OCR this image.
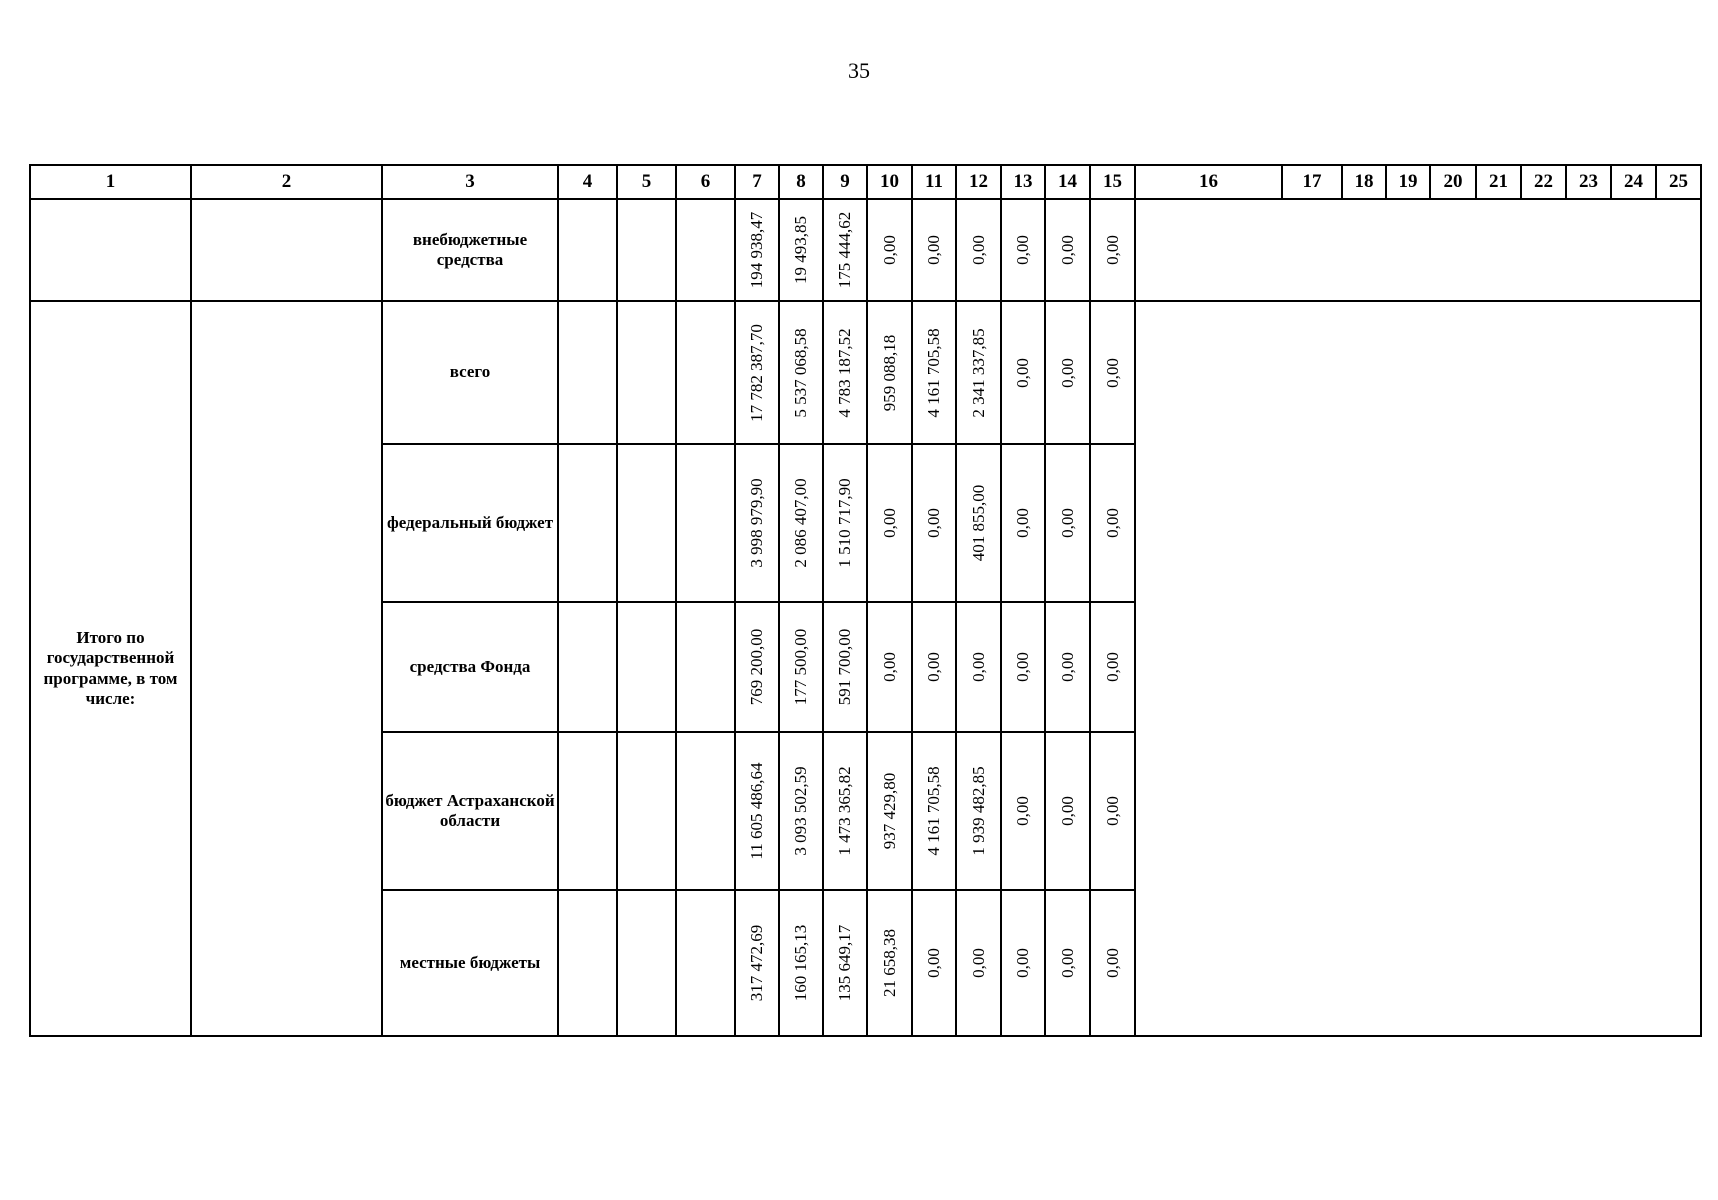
35
1	2	3	4	5	6	7	8	9	10	11	12	13	14	15	16	17	18	19	20	21	22	23	24	25
		внебюджетные средства				194 938,47	19 493,85	175 444,62	0,00	0,00	0,00	0,00	0,00	0,00										

Итого по государственной программе, в том числе:		всего				17 782 387,70	5 537 068,58	4 783 187,52	959 088,18	4 161 705,58	2 341 337,85	0,00	0,00	0,00										

		федеральный бюджет				3 998 979,90	2 086 407,00	1 510 717,90	0,00	0,00	401 855,00	0,00	0,00	0,00										

		средства Фонда				769 200,00	177 500,00	591 700,00	0,00	0,00	0,00	0,00	0,00	0,00										

		бюджет Астраханской области				11 605 486,64	3 093 502,59	1 473 365,82	937 429,80	4 161 705,58	1 939 482,85	0,00	0,00	0,00										

		местные бюджеты				317 472,69	160 165,13	135 649,17	21 658,38	0,00	0,00	0,00	0,00	0,00										
